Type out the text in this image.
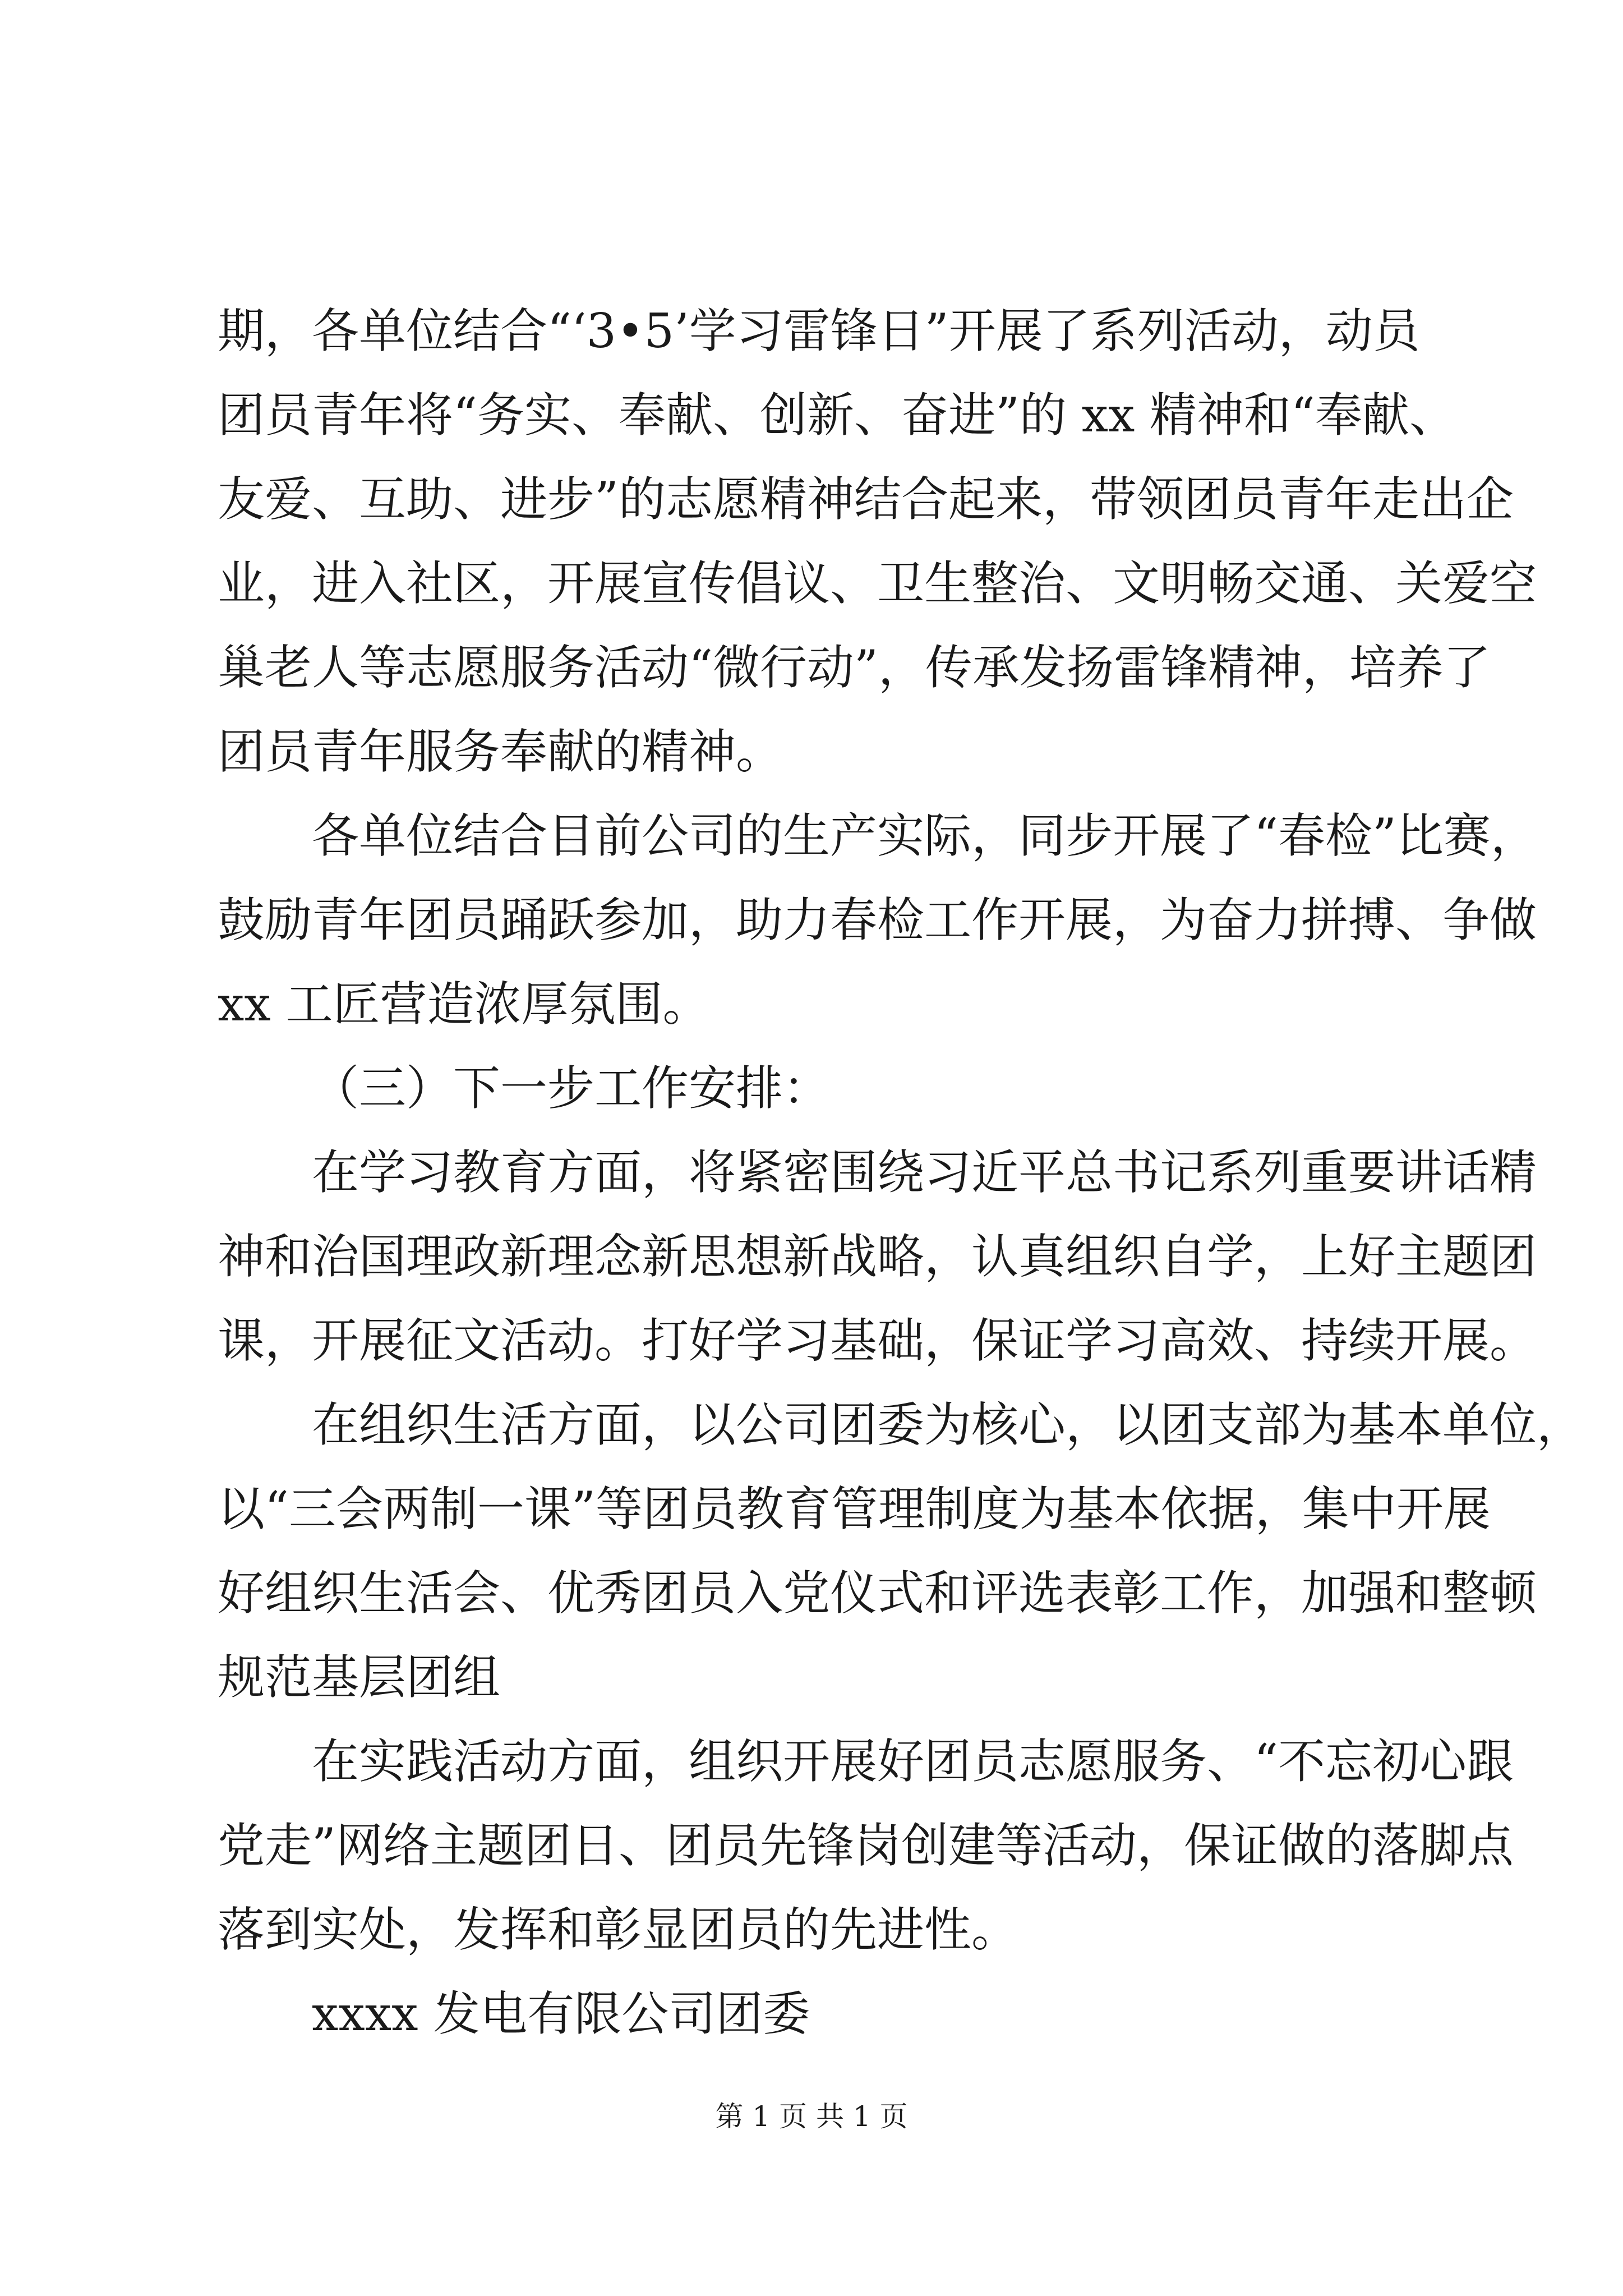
期，各单位结合“‘3•5’学习雷锋日”开展了系列活动，动员
团员青年将“务实、奉献、创新、奋进”的 xx 精神和“奉献、
友爱、互助、进步”的志愿精神结合起来，带领团员青年走出企
业，进入社区，开展宣传倡议、卫生整治、文明畅交通、关爱空
巢老人等志愿服务活动“微行动”，传承发扬雷锋精神，培养了
团员青年服务奉献的精神。
各单位结合目前公司的生产实际，同步开展了“春检”比赛，
鼓励青年团员踊跃参加，助力春检工作开展，为奋力拼搏、争做
xx 工匠营造浓厚氛围。
（三）下一步工作安排：
在学习教育方面，将紧密围绕习近平总书记系列重要讲话精
神和治国理政新理念新思想新战略，认真组织自学，上好主题团
课，开展征文活动。打好学习基础，保证学习高效、持续开展。
在组织生活方面，以公司团委为核心，以团支部为基本单位，
以“三会两制一课”等团员教育管理制度为基本依据，集中开展
好组织生活会、优秀团员入党仪式和评选表彰工作，加强和整顿
规范基层团组
在实践活动方面，组织开展好团员志愿服务、“不忘初心跟
党走”网络主题团日、团员先锋岗创建等活动，保证做的落脚点
落到实处，发挥和彰显团员的先进性。
xxxx 发电有限公司团委
第 1 页 共 1 页
